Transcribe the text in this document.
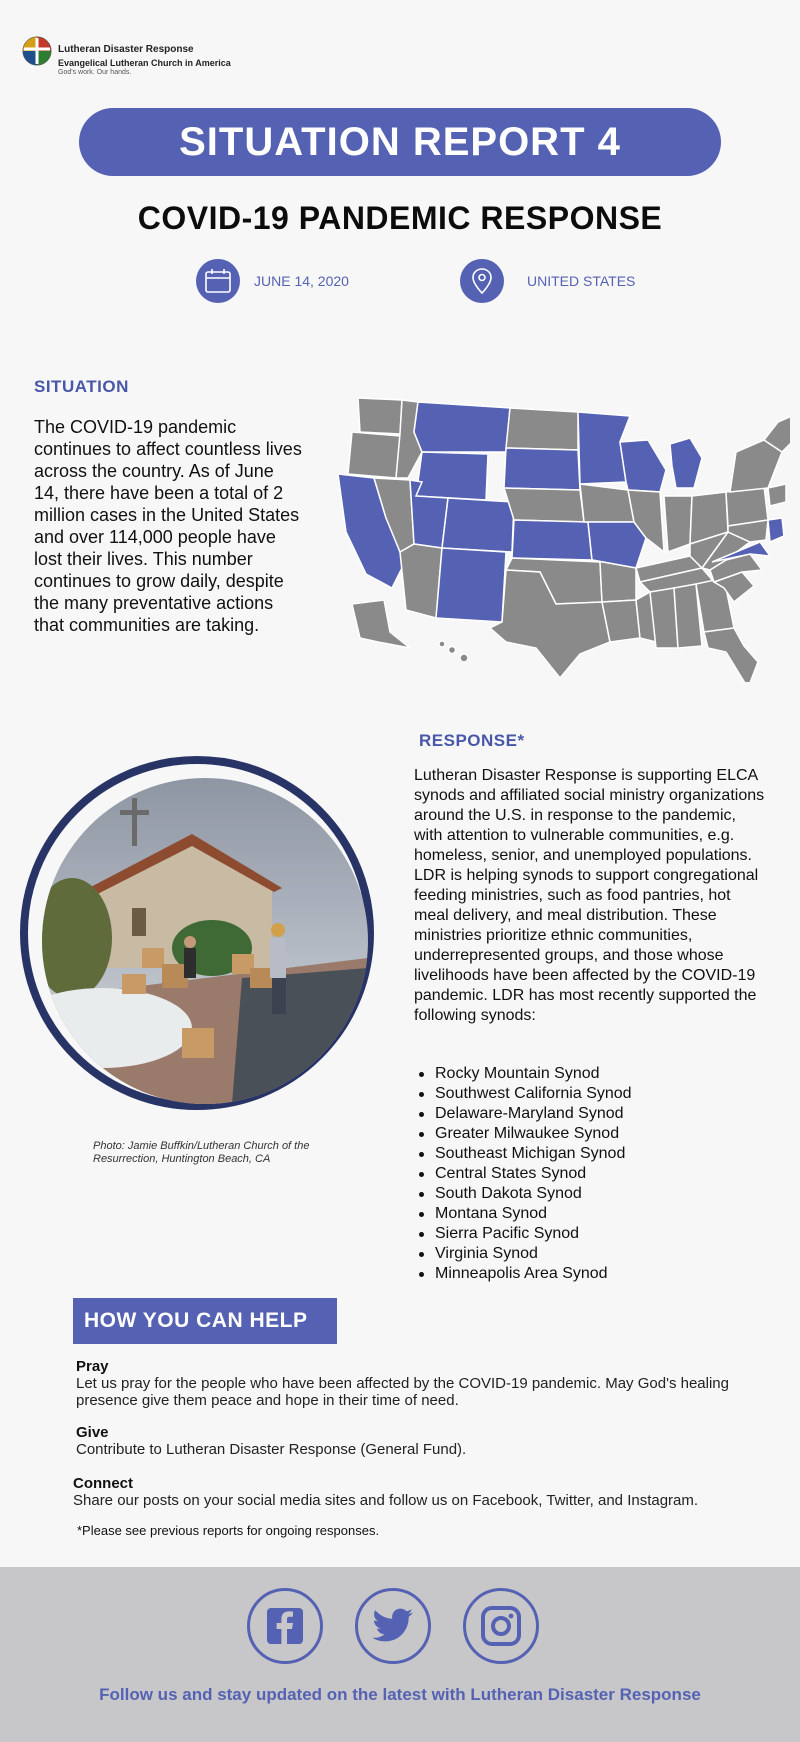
Lutheran Disaster Response
Evangelical Lutheran Church in America
God's work. Our hands.
SITUATION REPORT 4
COVID-19 PANDEMIC RESPONSE
JUNE 14, 2020	UNITED STATES
SITUATION
The COVID-19 pandemic continues to affect countless lives across the country. As of June 14, there have been a total of 2 million cases in the United States and over 114,000 people have lost their lives. This number continues to grow daily, despite the many preventative actions that communities are taking.
Photo: Jamie Buffkin/Lutheran Church of the Resurrection, Huntington Beach, CA
RESPONSE*
Lutheran Disaster Response is supporting ELCA synods and affiliated social ministry organizations around the U.S. in response to the pandemic, with attention to vulnerable communities, e.g. homeless, senior, and unemployed populations. LDR is helping synods to support congregational feeding ministries, such as food pantries, hot meal delivery, and meal distribution. These ministries prioritize ethnic communities, underrepresented groups, and those whose livelihoods have been affected by the COVID-19 pandemic. LDR has most recently supported the following synods:
Rocky Mountain Synod
Southwest California Synod
Delaware-Maryland Synod
Greater Milwaukee Synod
Southeast Michigan Synod
Central States Synod
South Dakota Synod
Montana Synod
Sierra Pacific Synod
Virginia Synod
Minneapolis Area Synod
HOW YOU CAN HELP
Pray
Let us pray for the people who have been affected by the COVID-19 pandemic. May God's healing presence give them peace and hope in their time of need.
Give
Contribute to Lutheran Disaster Response (General Fund).
Connect
Share our posts on your social media sites and follow us on Facebook, Twitter, and Instagram.
*Please see previous reports for ongoing responses.
Follow us and stay updated on the latest with Lutheran Disaster Response
